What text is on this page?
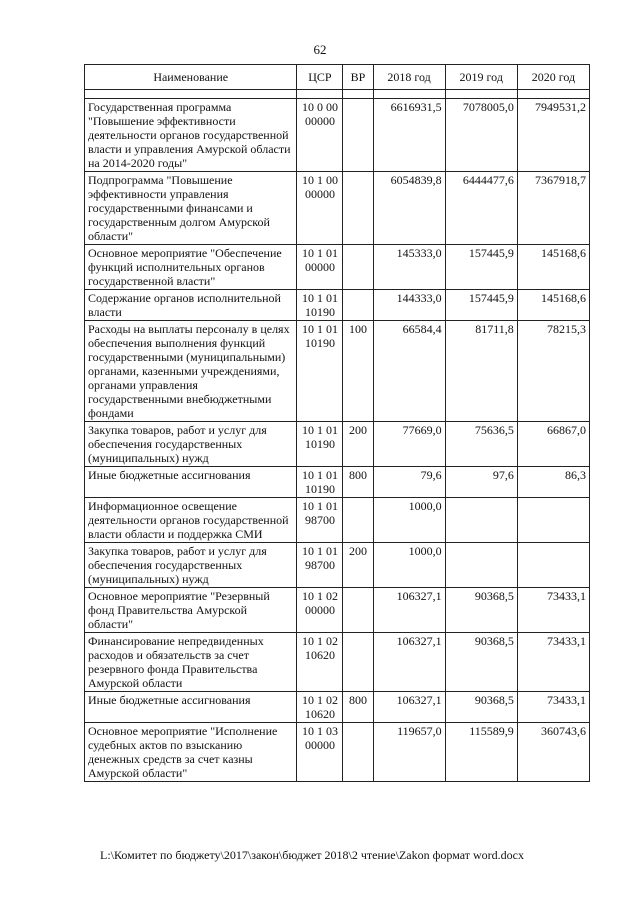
62
Наименование	ЦСР	ВР	2018 год	2019 год	2020 год

Государственная программа "Повышение эффективности деятельности органов государственной власти и управления Амурской области на 2014-2020 годы"	10 0 00 00000		6616931,5	7078005,0	7949531,2
Подпрограмма "Повышение эффективности управления государственными финансами и государственным долгом Амурской области"	10 1 00 00000		6054839,8	6444477,6	7367918,7
Основное мероприятие "Обеспечение функций исполнительных органов государственной власти"	10 1 01 00000		145333,0	157445,9	145168,6
Содержание органов исполнительной власти	10 1 01 10190		144333,0	157445,9	145168,6
Расходы на выплаты персоналу в целях обеспечения выполнения функций государственными (муниципальными) органами, казенными учреждениями, органами управления государственными внебюджетными фондами	10 1 01 10190	100	66584,4	81711,8	78215,3
Закупка товаров, работ и услуг для обеспечения государственных (муниципальных) нужд	10 1 01 10190	200	77669,0	75636,5	66867,0
Иные бюджетные ассигнования	10 1 01 10190	800	79,6	97,6	86,3
Информационное освещение деятельности органов государственной власти области и поддержка СМИ	10 1 01 98700		1000,0		
Закупка товаров, работ и услуг для обеспечения государственных (муниципальных) нужд	10 1 01 98700	200	1000,0		
Основное мероприятие "Резервный фонд Правительства Амурской области"	10 1 02 00000		106327,1	90368,5	73433,1
Финансирование непредвиденных расходов и обязательств за счет резервного фонда Правительства Амурской области	10 1 02 10620		106327,1	90368,5	73433,1
Иные бюджетные ассигнования	10 1 02 10620	800	106327,1	90368,5	73433,1
Основное мероприятие "Исполнение судебных актов по взысканию денежных средств за счет казны Амурской области"	10 1 03 00000		119657,0	115589,9	360743,6
L:\Комитет по бюджету\2017\закон\бюджет 2018\2 чтение\Zakon формат word.docx
